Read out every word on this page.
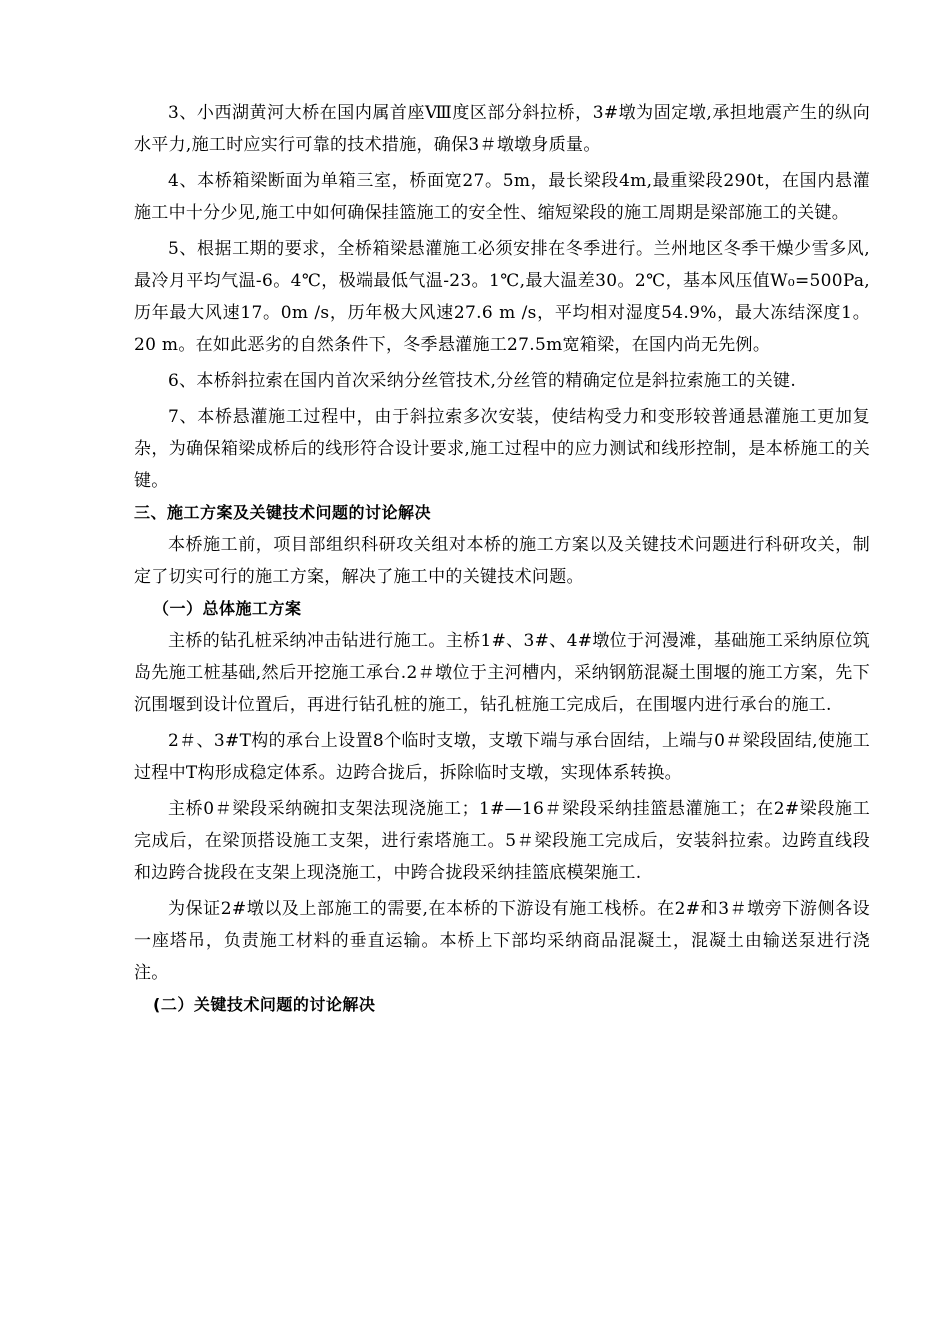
3、小西湖黄河大桥在国内属首座Ⅷ度区部分斜拉桥，3#墩为固定墩,承担地震产生的纵向水平力,施工时应实行可靠的技术措施，确保3＃墩墩身质量。

4、本桥箱梁断面为单箱三室，桥面宽27。5m，最长梁段4m,最重梁段290t，在国内悬灌施工中十分少见,施工中如何确保挂篮施工的安全性、缩短梁段的施工周期是梁部施工的关键。

5、根据工期的要求，全桥箱梁悬灌施工必须安排在冬季进行。兰州地区冬季干燥少雪多风,最冷月平均气温-6。4℃，极端最低气温-23。1℃,最大温差30。2℃，基本风压值W₀=500Pa,历年最大风速17。0m /s，历年极大风速27.6 m /s，平均相对湿度54.9%，最大冻结深度1。20 m。在如此恶劣的自然条件下，冬季悬灌施工27.5m宽箱梁，在国内尚无先例。

6、本桥斜拉索在国内首次采纳分丝管技术,分丝管的精确定位是斜拉索施工的关键.

7、本桥悬灌施工过程中，由于斜拉索多次安装，使结构受力和变形较普通悬灌施工更加复杂，为确保箱梁成桥后的线形符合设计要求,施工过程中的应力测试和线形控制，是本桥施工的关键。

三、施工方案及关键技术问题的讨论解决

本桥施工前，项目部组织科研攻关组对本桥的施工方案以及关键技术问题进行科研攻关，制定了切实可行的施工方案，解决了施工中的关键技术问题。

（一）总体施工方案

主桥的钻孔桩采纳冲击钻进行施工。主桥1#、3#、4#墩位于河漫滩，基础施工采纳原位筑岛先施工桩基础,然后开挖施工承台.2＃墩位于主河槽内，采纳钢筋混凝土围堰的施工方案，先下沉围堰到设计位置后，再进行钻孔桩的施工，钻孔桩施工完成后，在围堰内进行承台的施工.

2＃、3#T构的承台上设置8个临时支墩，支墩下端与承台固结，上端与0＃梁段固结,使施工过程中T构形成稳定体系。边跨合拢后，拆除临时支墩，实现体系转换。

主桥0＃梁段采纳碗扣支架法现浇施工；1#—16＃梁段采纳挂篮悬灌施工；在2#梁段施工完成后，在梁顶搭设施工支架，进行索塔施工。5＃梁段施工完成后，安装斜拉索。边跨直线段和边跨合拢段在支架上现浇施工，中跨合拢段采纳挂篮底模架施工.

为保证2#墩以及上部施工的需要,在本桥的下游设有施工栈桥。在2#和3＃墩旁下游侧各设一座塔吊，负责施工材料的垂直运输。本桥上下部均采纳商品混凝土，混凝土由输送泵进行浇注。

(二）关键技术问题的讨论解决
